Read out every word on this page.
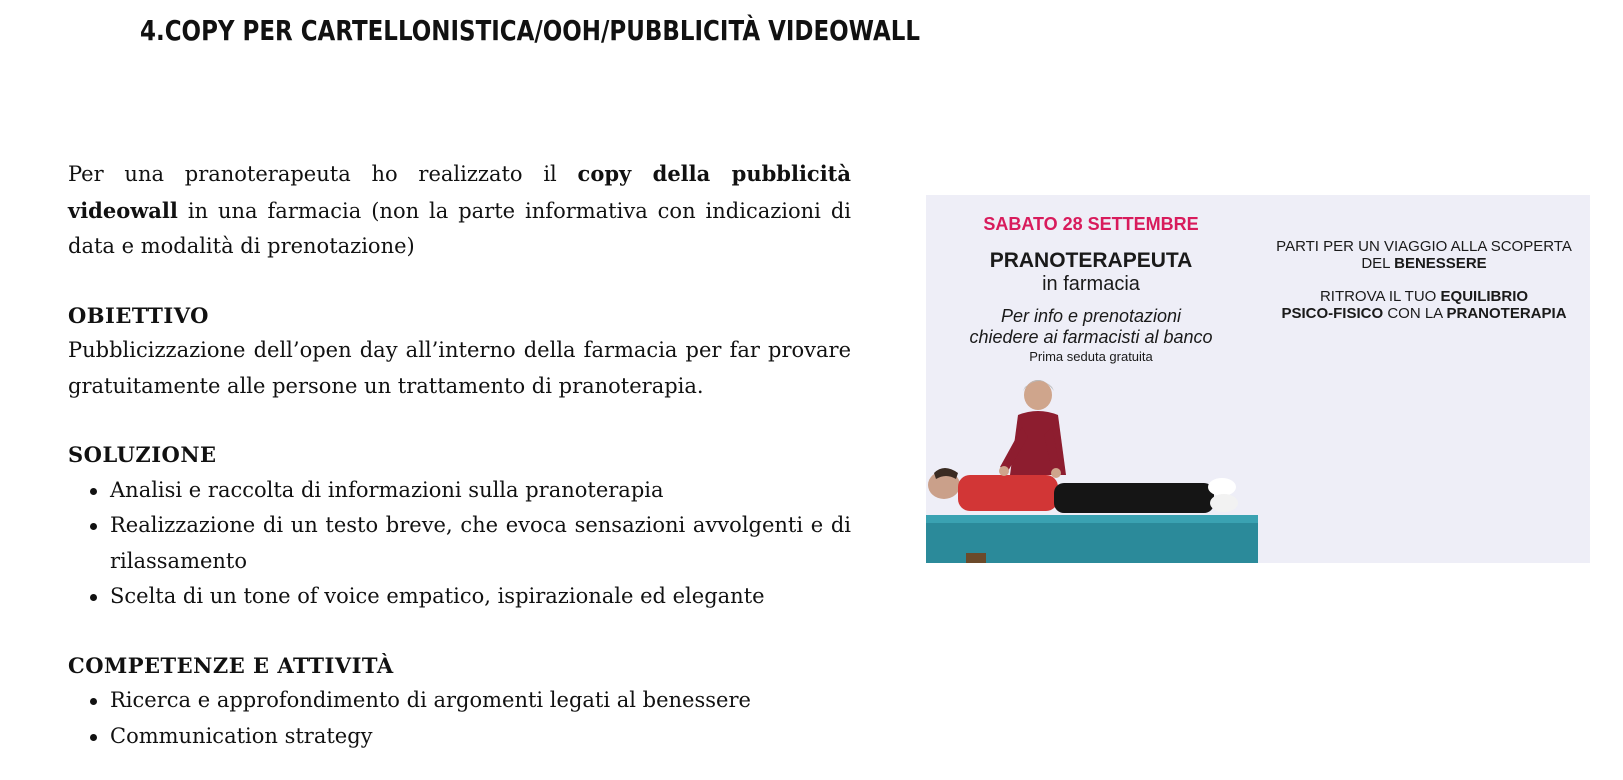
4.COPY PER CARTELLONISTICA/OOH/PUBBLICITÀ VIDEOWALL

Per una pranoterapeuta ho realizzato il copy della pubblicità videowall in una farmacia (non la parte informativa con indicazioni di data e modalità di prenotazione)

OBIETTIVO

Pubblicizzazione dell’open day all’interno della farmacia per far provare gratuitamente alle persone un trattamento di pranoterapia.

SOLUZIONE

Analisi e raccolta di informazioni sulla pranoterapia
Realizzazione di un testo breve, che evoca sensazioni avvolgenti e di rilassamento
Scelta di un tone of voice empatico, ispirazionale ed elegante

COMPETENZE E ATTIVITÀ

Ricerca e approfondimento di argomenti legati al benessere
Communication strategy
SABATO 28 SETTEMBRE
PRANOTERAPEUTA
in farmacia
Per info e prenotazioni
chiedere ai farmacisti al banco
Prima seduta gratuita
PARTI PER UN VIAGGIO ALLA SCOPERTA
DEL BENESSERE
RITROVA IL TUO EQUILIBRIO
PSICO-FISICO CON LA PRANOTERAPIA
